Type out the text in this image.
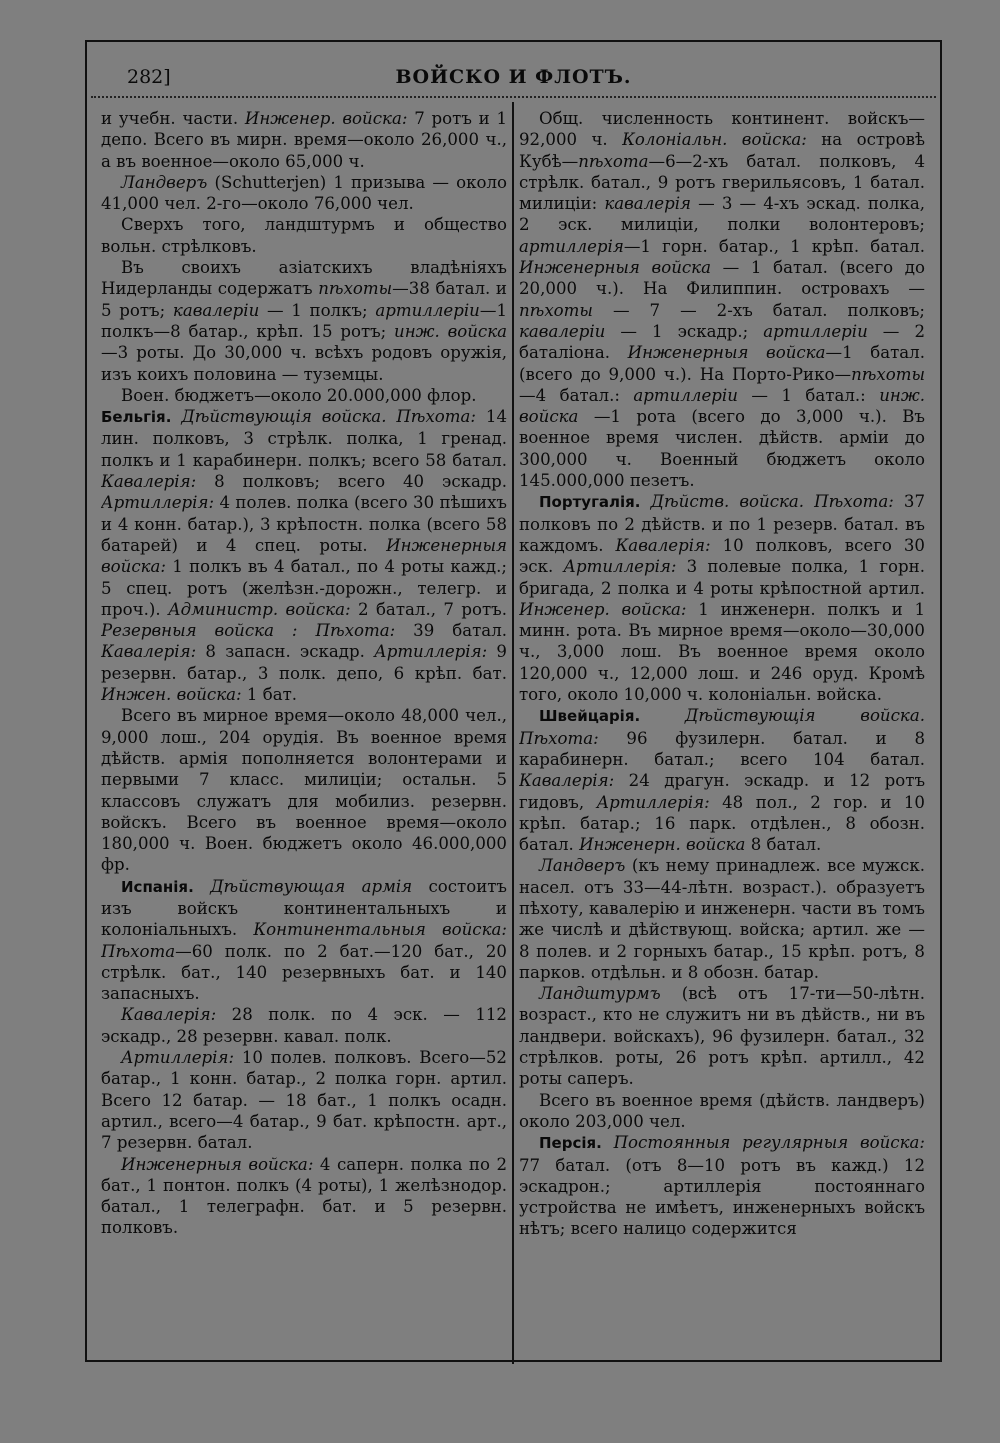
282]	ВОЙСКО И ФЛОТЪ.

и учебн. части. Инженер. войска: 7 ротъ и 1 депо. Всего въ мирн. время—около 26,000 ч., а въ военное—около 65,000 ч.

Ландверъ (Schutterjen) 1 призыва — около 41,000 чел. 2-го—около 76,000 чел.

Сверхъ того, ландштурмъ и общество вольн. стрѣлковъ.

Въ своихъ азіатскихъ владѣніяхъ Нидерланды содержатъ пѣхоты—38 батал. и 5 ротъ; кавалеріи — 1 полкъ; артиллеріи—1 полкъ—8 батар., крѣп. 15 ротъ; инж. войска—3 роты. До 30,000 ч. всѣхъ родовъ оружія, изъ коихъ половина — туземцы.

Воен. бюджетъ—около 20.000,000 флор.

Бельгія. Дѣйствующія войска. Пѣхота: 14 лин. полковъ, 3 стрѣлк. полка, 1 гренад. полкъ и 1 карабинерн. полкъ; всего 58 батал. Кавалерія: 8 полковъ; всего 40 эскадр. Артиллерія: 4 полев. полка (всего 30 пѣшихъ и 4 конн. батар.), 3 крѣпостн. полка (всего 58 батарей) и 4 спец. роты. Инженерныя войска: 1 полкъ въ 4 батал., по 4 роты кажд.; 5 спец. ротъ (желѣзн.-дорожн., телегр. и проч.). Администр. войска: 2 батал., 7 ротъ. Резервныя войска : Пѣхота: 39 батал. Кавалерія: 8 запасн. эскадр. Артиллерія: 9 резервн. батар., 3 полк. депо, 6 крѣп. бат. Инжен. войска: 1 бат.

Всего въ мирное время—около 48,000 чел., 9,000 лош., 204 орудія. Въ военное время дѣйств. армія пополняется волонтерами и первыми 7 класс. милиціи; остальн. 5 классовъ служатъ для мобилиз. резервн. войскъ. Всего въ военное время—около 180,000 ч. Воен. бюджетъ около 46.000,000 фр.

Испанія. Дѣйствующая армія состоитъ изъ войскъ континентальныхъ и колоніальныхъ. Континентальныя войска: Пѣхота—60 полк. по 2 бат.—120 бат., 20 стрѣлк. бат., 140 резервныхъ бат. и 140 запасныхъ.

Кавалерія: 28 полк. по 4 эск. — 112 эскадр., 28 резервн. кавал. полк.

Артиллерія: 10 полев. полковъ. Всего—52 батар., 1 конн. батар., 2 полка горн. артил. Всего 12 батар. — 18 бат., 1 полкъ осадн. артил., всего—4 батар., 9 бат. крѣпостн. арт., 7 резервн. батал.

Инженерныя войска: 4 саперн. полка по 2 бат., 1 понтон. полкъ (4 роты), 1 желѣзнодор. батал., 1 телеграфн. бат. и 5 резервн. полковъ.

Общ. численность континент. войскъ—92,000 ч. Колоніальн. войска: на островѣ Кубѣ—пѣхота—6—2-хъ батал. полковъ, 4 стрѣлк. батал., 9 ротъ гверильясовъ, 1 батал. милиціи: кавалерія — 3 — 4-хъ эскад. полка, 2 эск. милиціи, полки волонтеровъ; артиллерія—1 горн. батар., 1 крѣп. батал. Инженерныя войска — 1 батал. (всего до 20,000 ч.). На Филиппин. островахъ — пѣхоты — 7 — 2-хъ батал. полковъ; кавалеріи — 1 эскадр.; артиллеріи — 2 баталіона. Инженерныя войска—1 батал. (всего до 9,000 ч.). На Порто-Рико—пѣхоты—4 батал.: артиллеріи — 1 батал.: инж. войска —1 рота (всего до 3,000 ч.). Въ военное время числен. дѣйств. арміи до 300,000 ч. Военный бюджетъ около 145.000,000 пезетъ.

Португалія. Дѣйств. войска. Пѣхота: 37 полковъ по 2 дѣйств. и по 1 резерв. батал. въ каждомъ. Кавалерія: 10 полковъ, всего 30 эск. Артиллерія: 3 полевые полка, 1 горн. бригада, 2 полка и 4 роты крѣпостной артил. Инженер. войска: 1 инженерн. полкъ и 1 минн. рота. Въ мирное время—около—30,000 ч., 3,000 лош. Въ военное время около 120,000 ч., 12,000 лош. и 246 оруд. Кромѣ того, около 10,000 ч. колоніальн. войска.

Швейцарія. Дѣйствующія войска. Пѣхота: 96 фузилерн. батал. и 8 карабинерн. батал.; всего 104 батал. Кавалерія: 24 драгун. эскадр. и 12 ротъ гидовъ, Артиллерія: 48 пол., 2 гор. и 10 крѣп. батар.; 16 парк. отдѣлен., 8 обозн. батал. Инженерн. войска 8 батал.

Ландверъ (къ нему принадлеж. все мужск. насел. отъ 33—44-лѣтн. возраст.). образуетъ пѣхоту, кавалерію и инженерн. части въ томъ же числѣ и дѣйствующ. войска; артил. же — 8 полев. и 2 горныхъ батар., 15 крѣп. ротъ, 8 парков. отдѣльн. и 8 обозн. батар.

Ландштурмъ (всѣ отъ 17-ти—50-лѣтн. возраст., кто не служитъ ни въ дѣйств., ни въ ландвери. войскахъ), 96 фузилерн. батал., 32 стрѣлков. роты, 26 ротъ крѣп. артилл., 42 роты саперъ.

Всего въ военное время (дѣйств. ландверъ) около 203,000 чел.

Персія. Постоянныя регулярныя войска: 77 батал. (отъ 8—10 ротъ въ кажд.) 12 эскадрон.; артиллерія постояннаго устройства не имѣетъ, инженерныхъ войскъ нѣтъ; всего налицо содержится
